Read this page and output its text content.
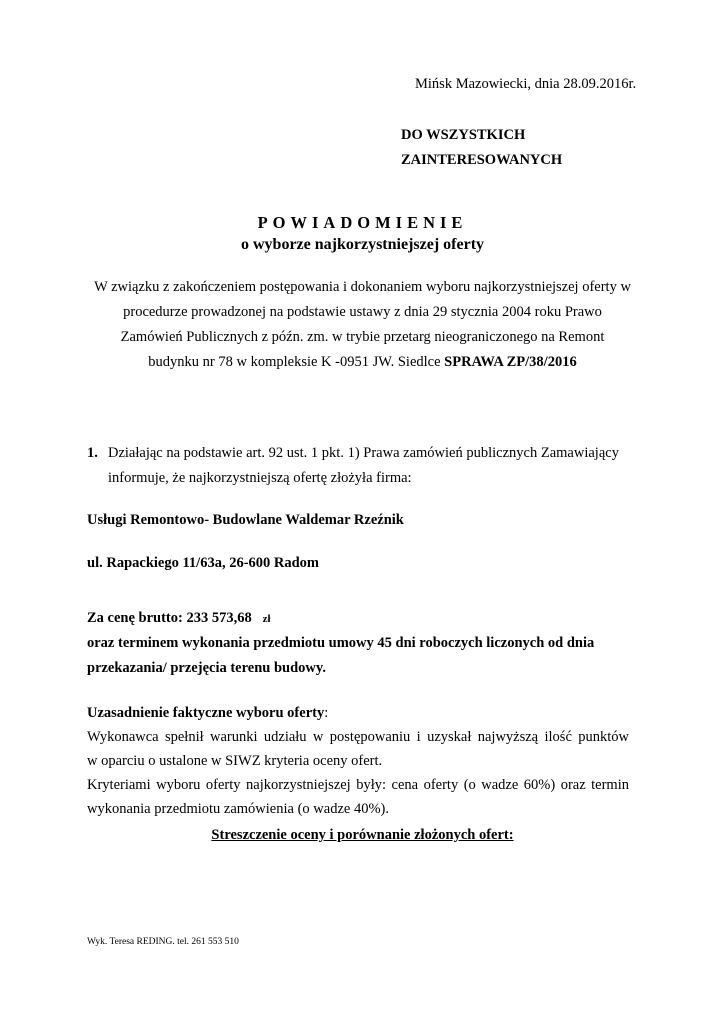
Mińsk Mazowiecki, dnia 28.09.2016r.
DO WSZYSTKICH
ZAINTERESOWANYCH
POWIADOMIENIE
o wyborze najkorzystniejszej oferty
W związku z zakończeniem postępowania i dokonaniem wyboru najkorzystniejszej oferty w
procedurze prowadzonej na podstawie ustawy z dnia 29 stycznia 2004 roku Prawo
Zamówień Publicznych z późn. zm. w trybie przetarg nieograniczonego na Remont
budynku nr 78 w kompleksie K -0951 JW. Siedlce SPRAWA ZP/38/2016
1. Działając na podstawie art. 92 ust. 1 pkt. 1) Prawa zamówień publicznych Zamawiający
informuje, że najkorzystniejszą ofertę złożyła firma:
Usługi Remontowo- Budowlane Waldemar Rzeźnik
ul. Rapackiego 11/63a, 26-600 Radom
Za cenę brutto: 233 573,68 zł
oraz terminem wykonania przedmiotu umowy 45 dni roboczych liczonych od dnia
przekazania/ przejęcia terenu budowy.
Uzasadnienie faktyczne wyboru oferty:
Wykonawca spełnił warunki udziału w postępowaniu i uzyskał najwyższą ilość punktów
w oparciu o ustalone w SIWZ kryteria oceny ofert.
Kryteriami wyboru oferty najkorzystniejszej były: cena oferty (o wadze 60%) oraz termin
wykonania przedmiotu zamówienia (o wadze 40%).
Streszczenie oceny i porównanie złożonych ofert:
Wyk. Teresa REDING. tel. 261 553 510
